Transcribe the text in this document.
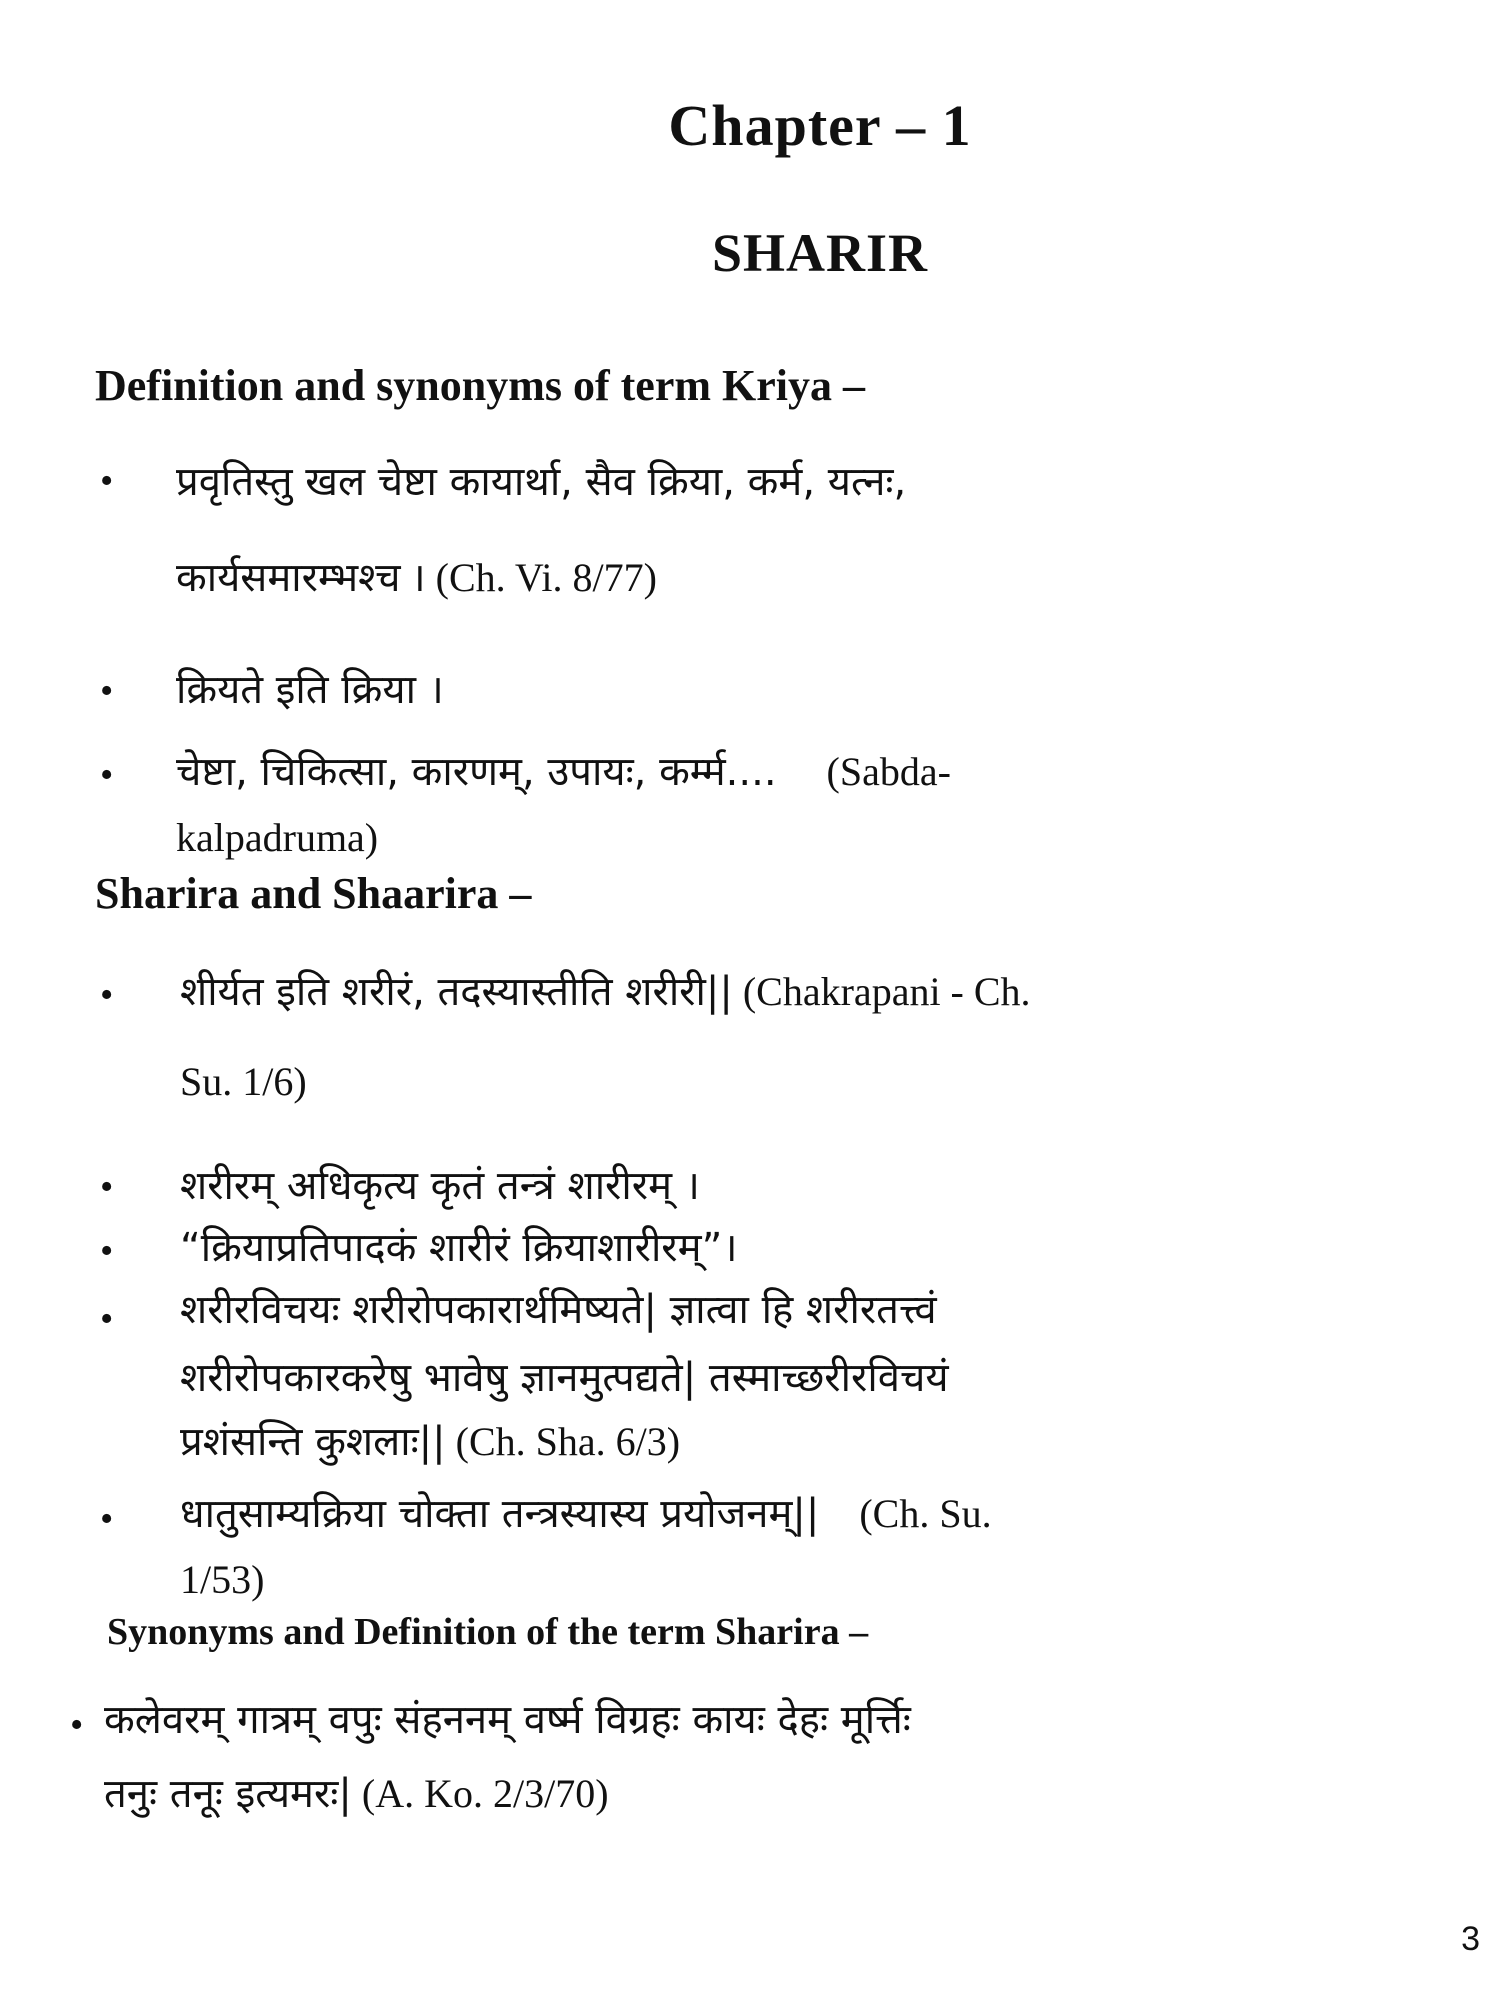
Chapter – 1
SHARIR
Definition and synonyms of term Kriya –
• प्रवृतिस्तु खल चेष्टा कायार्था, सैव क्रिया, कर्म, यत्नः,
कार्यसमारम्भश्च । (Ch. Vi. 8/77)
• क्रियते इति क्रिया ।
• चेष्टा, चिकित्सा, कारणम्, उपायः, कर्म्म.... (Sabda-
kalpadruma)
Sharira and Shaarira –
• शीर्यत इति शरीरं, तदस्यास्तीति शरीरी|| (Chakrapani - Ch.
Su. 1/6)
• शरीरम् अधिकृत्य कृतं तन्त्रं शारीरम् ।
• “क्रियाप्रतिपादकं शारीरं क्रियाशारीरम्”।
• शरीरविचयः शरीरोपकारार्थमिष्यते| ज्ञात्वा हि शरीरतत्त्वं
शरीरोपकारकरेषु भावेषु ज्ञानमुत्पद्यते| तस्माच्छरीरविचयं
प्रशंसन्ति कुशलाः|| (Ch. Sha. 6/3)
• धातुसाम्यक्रिया चोक्ता तन्त्रस्यास्य प्रयोजनम्|| (Ch. Su.
1/53)
Synonyms and Definition of the term Sharira –
• कलेवरम् गात्रम् वपुः संहननम् वर्ष्म विग्रहः कायः देहः मूर्त्तिः
तनुः तनूः इत्यमरः| (A. Ko. 2/3/70)
3
